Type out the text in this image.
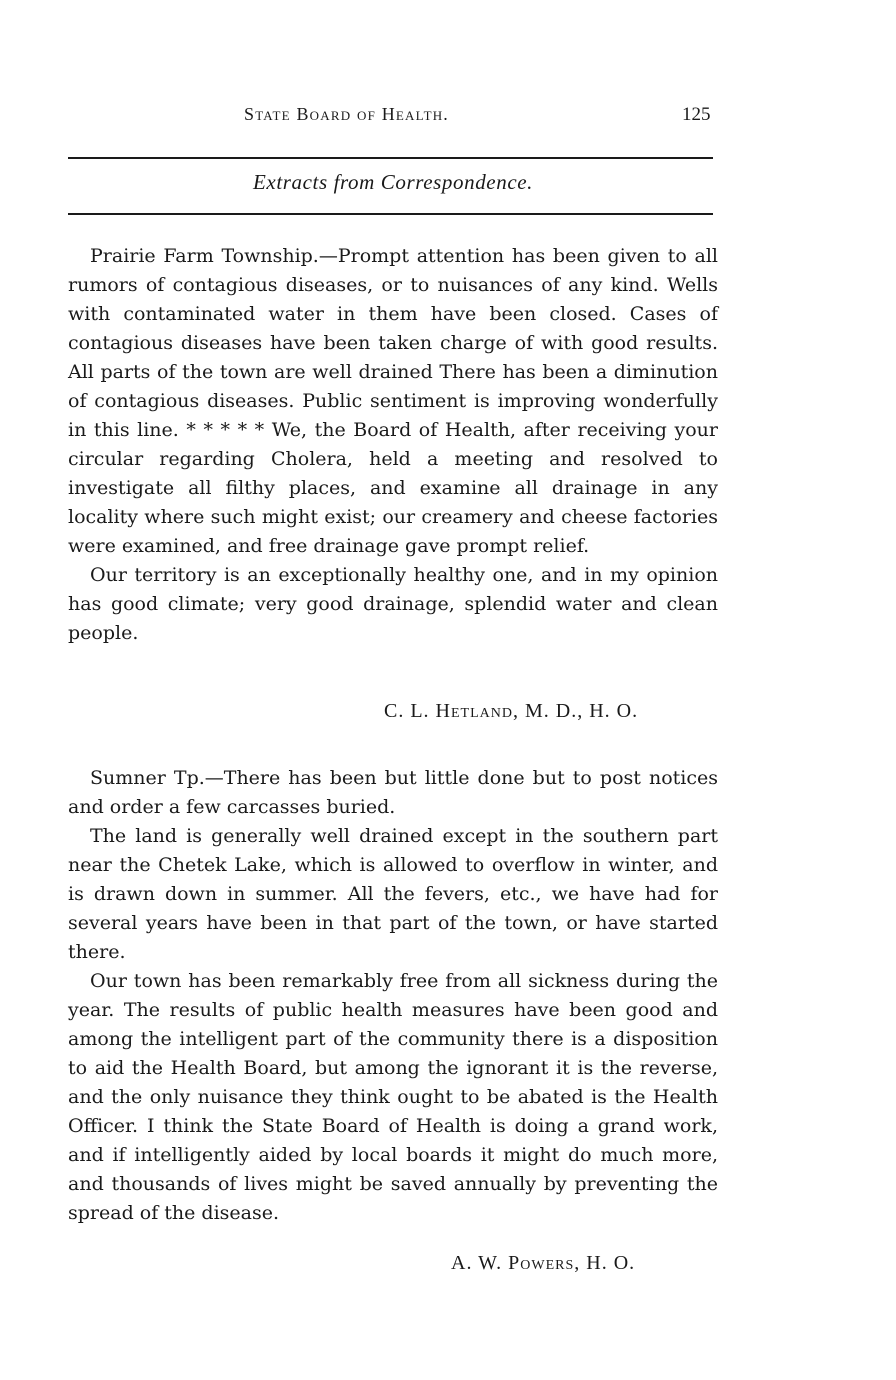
State Board of Health.	125
Extracts from Correspondence.

Prairie Farm Township.—Prompt attention has been given to all rumors of contagious diseases, or to nuisances of any kind. Wells with contaminated water in them have been closed. Cases of contagious diseases have been taken charge of with good results. All parts of the town are well drained There has been a diminution of contagious diseases. Public sentiment is improving wonderfully in this line. * * * * * We, the Board of Health, after receiving your circular regarding Cholera, held a meeting and resolved to investigate all filthy places, and examine all drainage in any locality where such might exist; our creamery and cheese factories were examined, and free drainage gave prompt relief.

Our territory is an exceptionally healthy one, and in my opinion has good climate; very good drainage, splendid water and clean people.

C. L. Hetland, M. D., H. O.

Sumner Tp.—There has been but little done but to post notices and order a few carcasses buried.

The land is generally well drained except in the southern part near the Chetek Lake, which is allowed to overflow in winter, and is drawn down in summer. All the fevers, etc., we have had for several years have been in that part of the town, or have started there.

Our town has been remarkably free from all sickness during the year. The results of public health measures have been good and among the intelligent part of the community there is a disposition to aid the Health Board, but among the ignorant it is the reverse, and the only nuisance they think ought to be abated is the Health Officer. I think the State Board of Health is doing a grand work, and if intelligently aided by local boards it might do much more, and thousands of lives might be saved annually by preventing the spread of the disease.

A. W. Powers, H. O.
